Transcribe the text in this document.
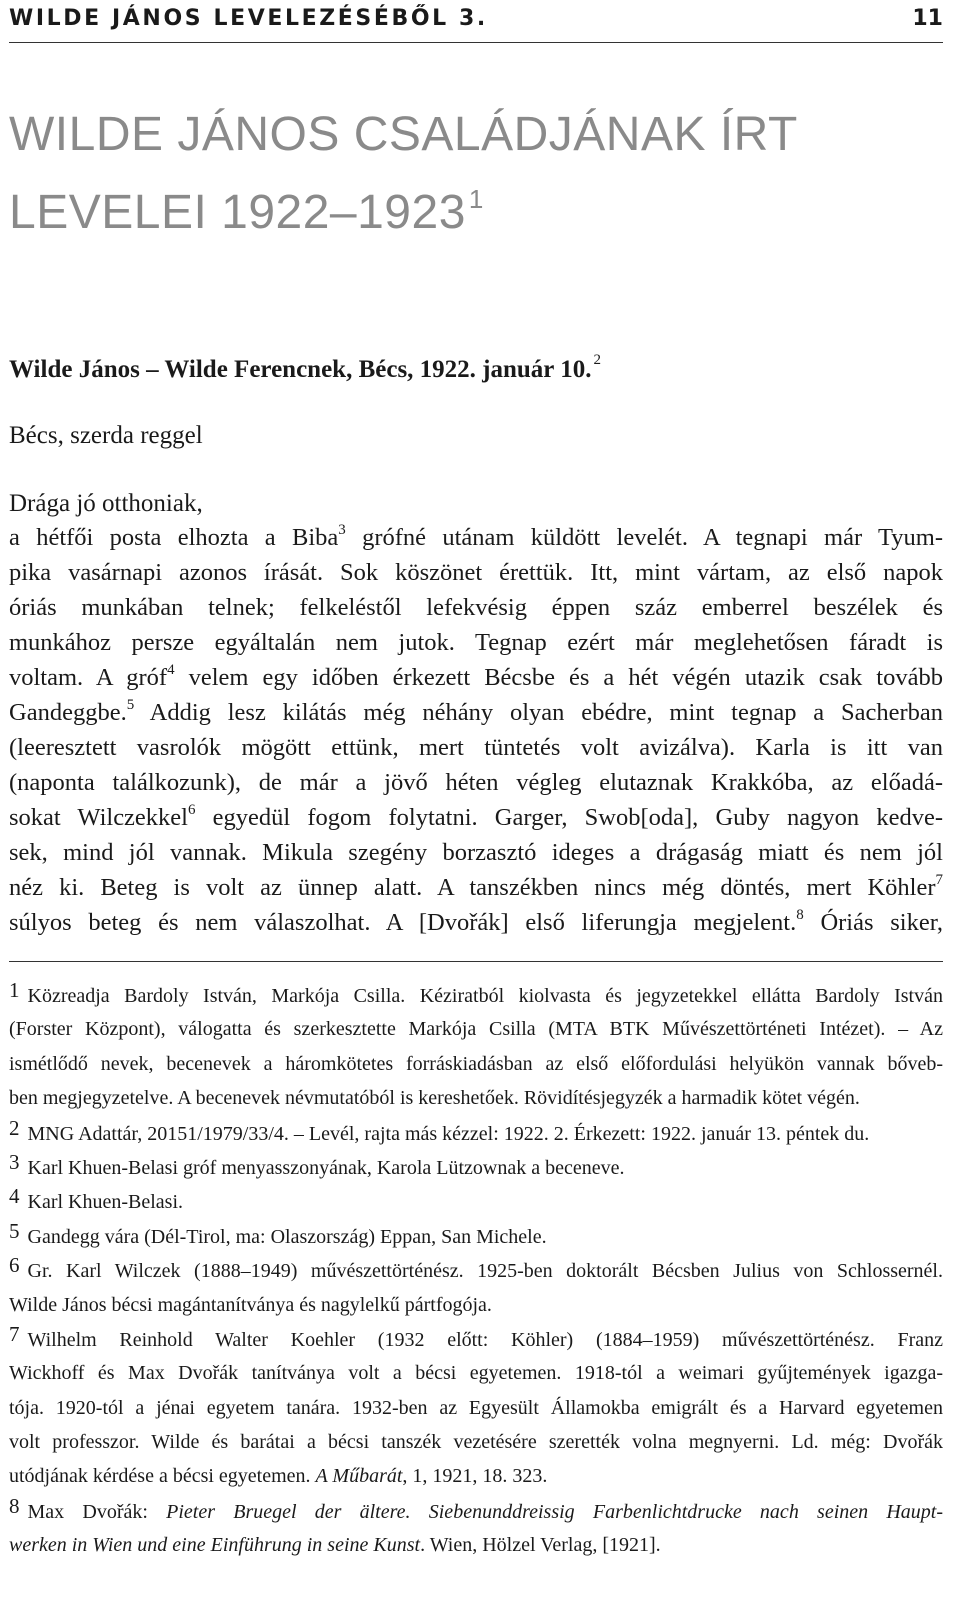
WILDE JÁNOS LEVELEZÉSÉBŐL 3.	11
WILDE JÁNOS CSALÁDJÁNAK ÍRT
LEVELEI 1922–1923 $^1$
Wilde János – Wilde Ferencnek, Bécs, 1922. január 10. $^2$
Bécs, szerda reggel
Drága jó otthoniak,
a hétfői posta elhozta a Biba$^3$ grófné utánam küldött levelét. A tegnapi már Tyum-
pika vasárnapi azonos írását. Sok köszönet érettük. Itt, mint vártam, az első napok
óriás munkában telnek; felkeléstől lefekvésig éppen száz emberrel beszélek és
munkához persze egyáltalán nem jutok. Tegnap ezért már meglehetősen fáradt is
voltam. A gróf$^4$ velem egy időben érkezett Bécsbe és a hét végén utazik csak tovább
Gandeggbe.$^5$ Addig lesz kilátás még néhány olyan ebédre, mint tegnap a Sacherban
(leeresztett vasrolók mögött ettünk, mert tüntetés volt avizálva). Karla is itt van
(naponta találkozunk), de már a jövő héten végleg elutaznak Krakkóba, az előadá-
sokat Wilczekkel$^6$ egyedül fogom folytatni. Garger, Swob[oda], Guby nagyon kedve-
sek, mind jól vannak. Mikula szegény borzasztó ideges a drágaság miatt és nem jól
néz ki. Beteg is volt az ünnep alatt. A tanszékben nincs még döntés, mert Köhler$^7$
súlyos beteg és nem válaszolhat. A [Dvořák] első liferungja megjelent.$^8$ Óriás siker,
1 Közreadja Bardoly István, Markója Csilla. Kéziratból kiolvasta és jegyzetekkel ellátta Bardoly István
(Forster Központ), válogatta és szerkesztette Markója Csilla (MTA BTK Művészettörténeti Intézet). – Az
ismétlődő nevek, becenevek a háromkötetes forráskiadásban az első előfordulási helyükön vannak bőveb-
ben megjegyzetelve. A becenevek névmutatóból is kereshetőek. Rövidítésjegyzék a harmadik kötet végén.
2 MNG Adattár, 20151/1979/33/4. – Levél, rajta más kézzel: 1922. 2. Érkezett: 1922. január 13. péntek du.
3 Karl Khuen-Belasi gróf menyasszonyának, Karola Lützownak a beceneve.
4 Karl Khuen-Belasi.
5 Gandegg vára (Dél-Tirol, ma: Olaszország) Eppan, San Michele.
6 Gr. Karl Wilczek (1888–1949) művészettörténész. 1925-ben doktorált Bécsben Julius von Schlossernél.
Wilde János bécsi magántanítványa és nagylelkű pártfogója.
7 Wilhelm Reinhold Walter Koehler (1932 előtt: Köhler) (1884–1959) művészettörténész. Franz
Wickhoff és Max Dvořák tanítványa volt a bécsi egyetemen. 1918-tól a weimari gyűjtemények igazga-
tója. 1920-tól a jénai egyetem tanára. 1932-ben az Egyesült Államokba emigrált és a Harvard egyetemen
volt professzor. Wilde és barátai a bécsi tanszék vezetésére szerették volna megnyerni. Ld. még: Dvořák
utódjának kérdése a bécsi egyetemen. A Műbarát, 1, 1921, 18. 323.
8 Max Dvořák: Pieter Bruegel der ältere. Siebenunddreissig Farbenlichtdrucke nach seinen Haupt-
werken in Wien und eine Einführung in seine Kunst. Wien, Hölzel Verlag, [1921].
